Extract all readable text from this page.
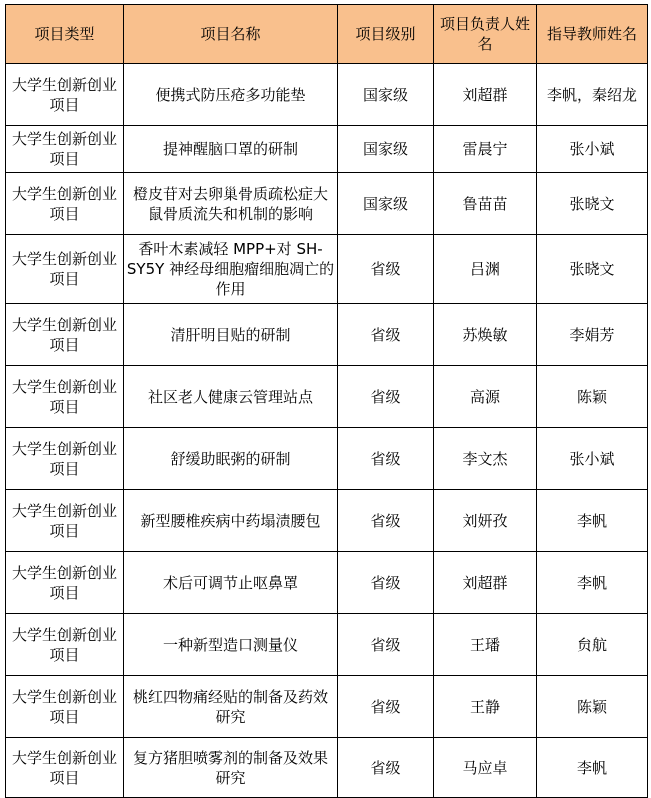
项目类型	项目名称	项目级别	项目负责人姓名	指导教师姓名
大学生创新创业项目	便携式防压疮多功能垫	国家级	刘超群	李帆，秦绍龙
大学生创新创业项目	提神醒脑口罩的研制	国家级	雷晨宁	张小斌
大学生创新创业项目	橙皮苷对去卵巢骨质疏松症大鼠骨质流失和机制的影响	国家级	鲁苗苗	张晓文
大学生创新创业项目	香叶木素减轻 MPP+对 SH-SY5Y 神经母细胞瘤细胞凋亡的作用	省级	吕渊	张晓文
大学生创新创业项目	清肝明目贴的研制	省级	苏焕敏	李娟芳
大学生创新创业项目	社区老人健康云管理站点	省级	高源	陈颖
大学生创新创业项目	舒缓助眠粥的研制	省级	李文杰	张小斌
大学生创新创业项目	新型腰椎疾病中药塌渍腰包	省级	刘妍孜	李帆
大学生创新创业项目	术后可调节止呕鼻罩	省级	刘超群	李帆
大学生创新创业项目	一种新型造口测量仪	省级	王璠	贠航
大学生创新创业项目	桃红四物痛经贴的制备及药效研究	省级	王静	陈颖
大学生创新创业项目	复方猪胆喷雾剂的制备及效果研究	省级	马应卓	李帆
